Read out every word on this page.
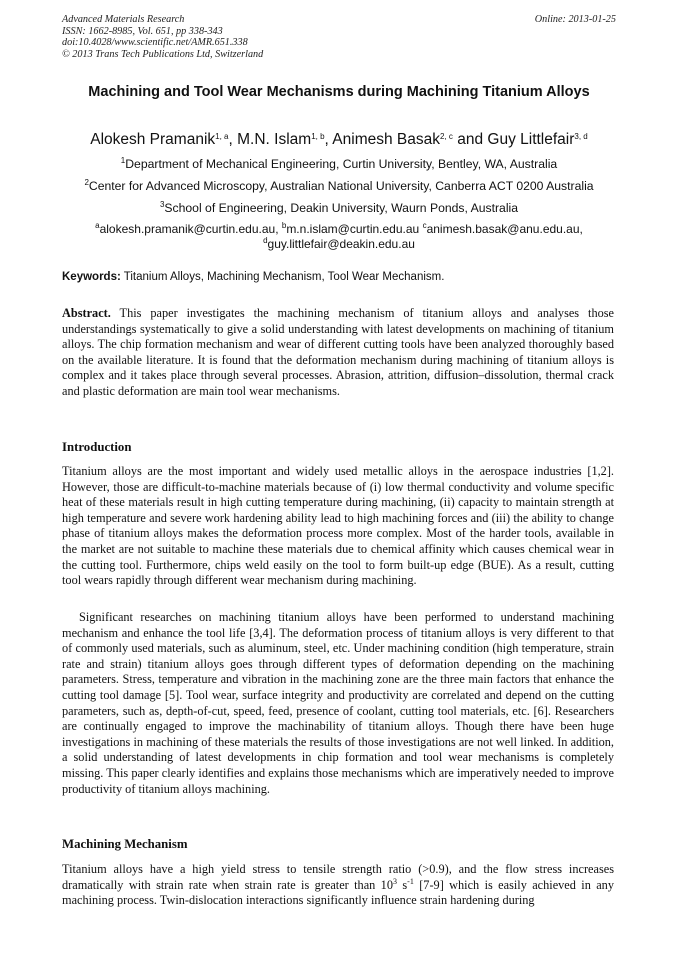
Advanced Materials Research
ISSN: 1662-8985, Vol. 651, pp 338-343
doi:10.4028/www.scientific.net/AMR.651.338
© 2013 Trans Tech Publications Ltd, Switzerland
Online: 2013-01-25
Machining and Tool Wear Mechanisms during Machining Titanium Alloys
Alokesh Pramanik$^{1, a}$, M.N. Islam$^{1, b}$, Animesh Basak$^{2, c}$ and Guy Littlefair$^{3, d}$
$^1$Department of Mechanical Engineering, Curtin University, Bentley, WA, Australia
$^2$Center for Advanced Microscopy, Australian National University, Canberra ACT 0200 Australia
$^3$School of Engineering, Deakin University, Waurn Ponds, Australia
$^a$alokesh.pramanik@curtin.edu.au, $^b$m.n.islam@curtin.edu.au $^c$animesh.basak@anu.edu.au,
$^d$guy.littlefair@deakin.edu.au
Keywords: Titanium Alloys, Machining Mechanism, Tool Wear Mechanism.
Abstract. This paper investigates the machining mechanism of titanium alloys and analyses those understandings systematically to give a solid understanding with latest developments on machining of titanium alloys. The chip formation mechanism and wear of different cutting tools have been analyzed thoroughly based on the available literature. It is found that the deformation mechanism during machining of titanium alloys is complex and it takes place through several processes. Abrasion, attrition, diffusion–dissolution, thermal crack and plastic deformation are main tool wear mechanisms.
Introduction
Titanium alloys are the most important and widely used metallic alloys in the aerospace industries [1,2]. However, those are difficult-to-machine materials because of (i) low thermal conductivity and volume specific heat of these materials result in high cutting temperature during machining, (ii) capacity to maintain strength at high temperature and severe work hardening ability lead to high machining forces and (iii) the ability to change phase of titanium alloys makes the deformation process more complex. Most of the harder tools, available in the market are not suitable to machine these materials due to chemical affinity which causes chemical wear in the cutting tool. Furthermore, chips weld easily on the tool to form built-up edge (BUE). As a result, cutting tool wears rapidly through different wear mechanism during machining.
Significant researches on machining titanium alloys have been performed to understand machining mechanism and enhance the tool life [3,4]. The deformation process of titanium alloys is very different to that of commonly used materials, such as aluminum, steel, etc. Under machining condition (high temperature, strain rate and strain) titanium alloys goes through different types of deformation depending on the machining parameters. Stress, temperature and vibration in the machining zone are the three main factors that enhance the cutting tool damage [5]. Tool wear, surface integrity and productivity are correlated and depend on the cutting parameters, such as, depth-of-cut, speed, feed, presence of coolant, cutting tool materials, etc. [6]. Researchers are continually engaged to improve the machinability of titanium alloys. Though there have been huge investigations in machining of these materials the results of those investigations are not well linked. In addition, a solid understanding of latest developments in chip formation and tool wear mechanisms is completely missing. This paper clearly identifies and explains those mechanisms which are imperatively needed to improve productivity of titanium alloys machining.
Machining Mechanism
Titanium alloys have a high yield stress to tensile strength ratio (>0.9), and the flow stress increases dramatically with strain rate when strain rate is greater than $10^3$ $s^{-1}$ [7-9] which is easily achieved in any machining process. Twin-dislocation interactions significantly influence strain hardening during
